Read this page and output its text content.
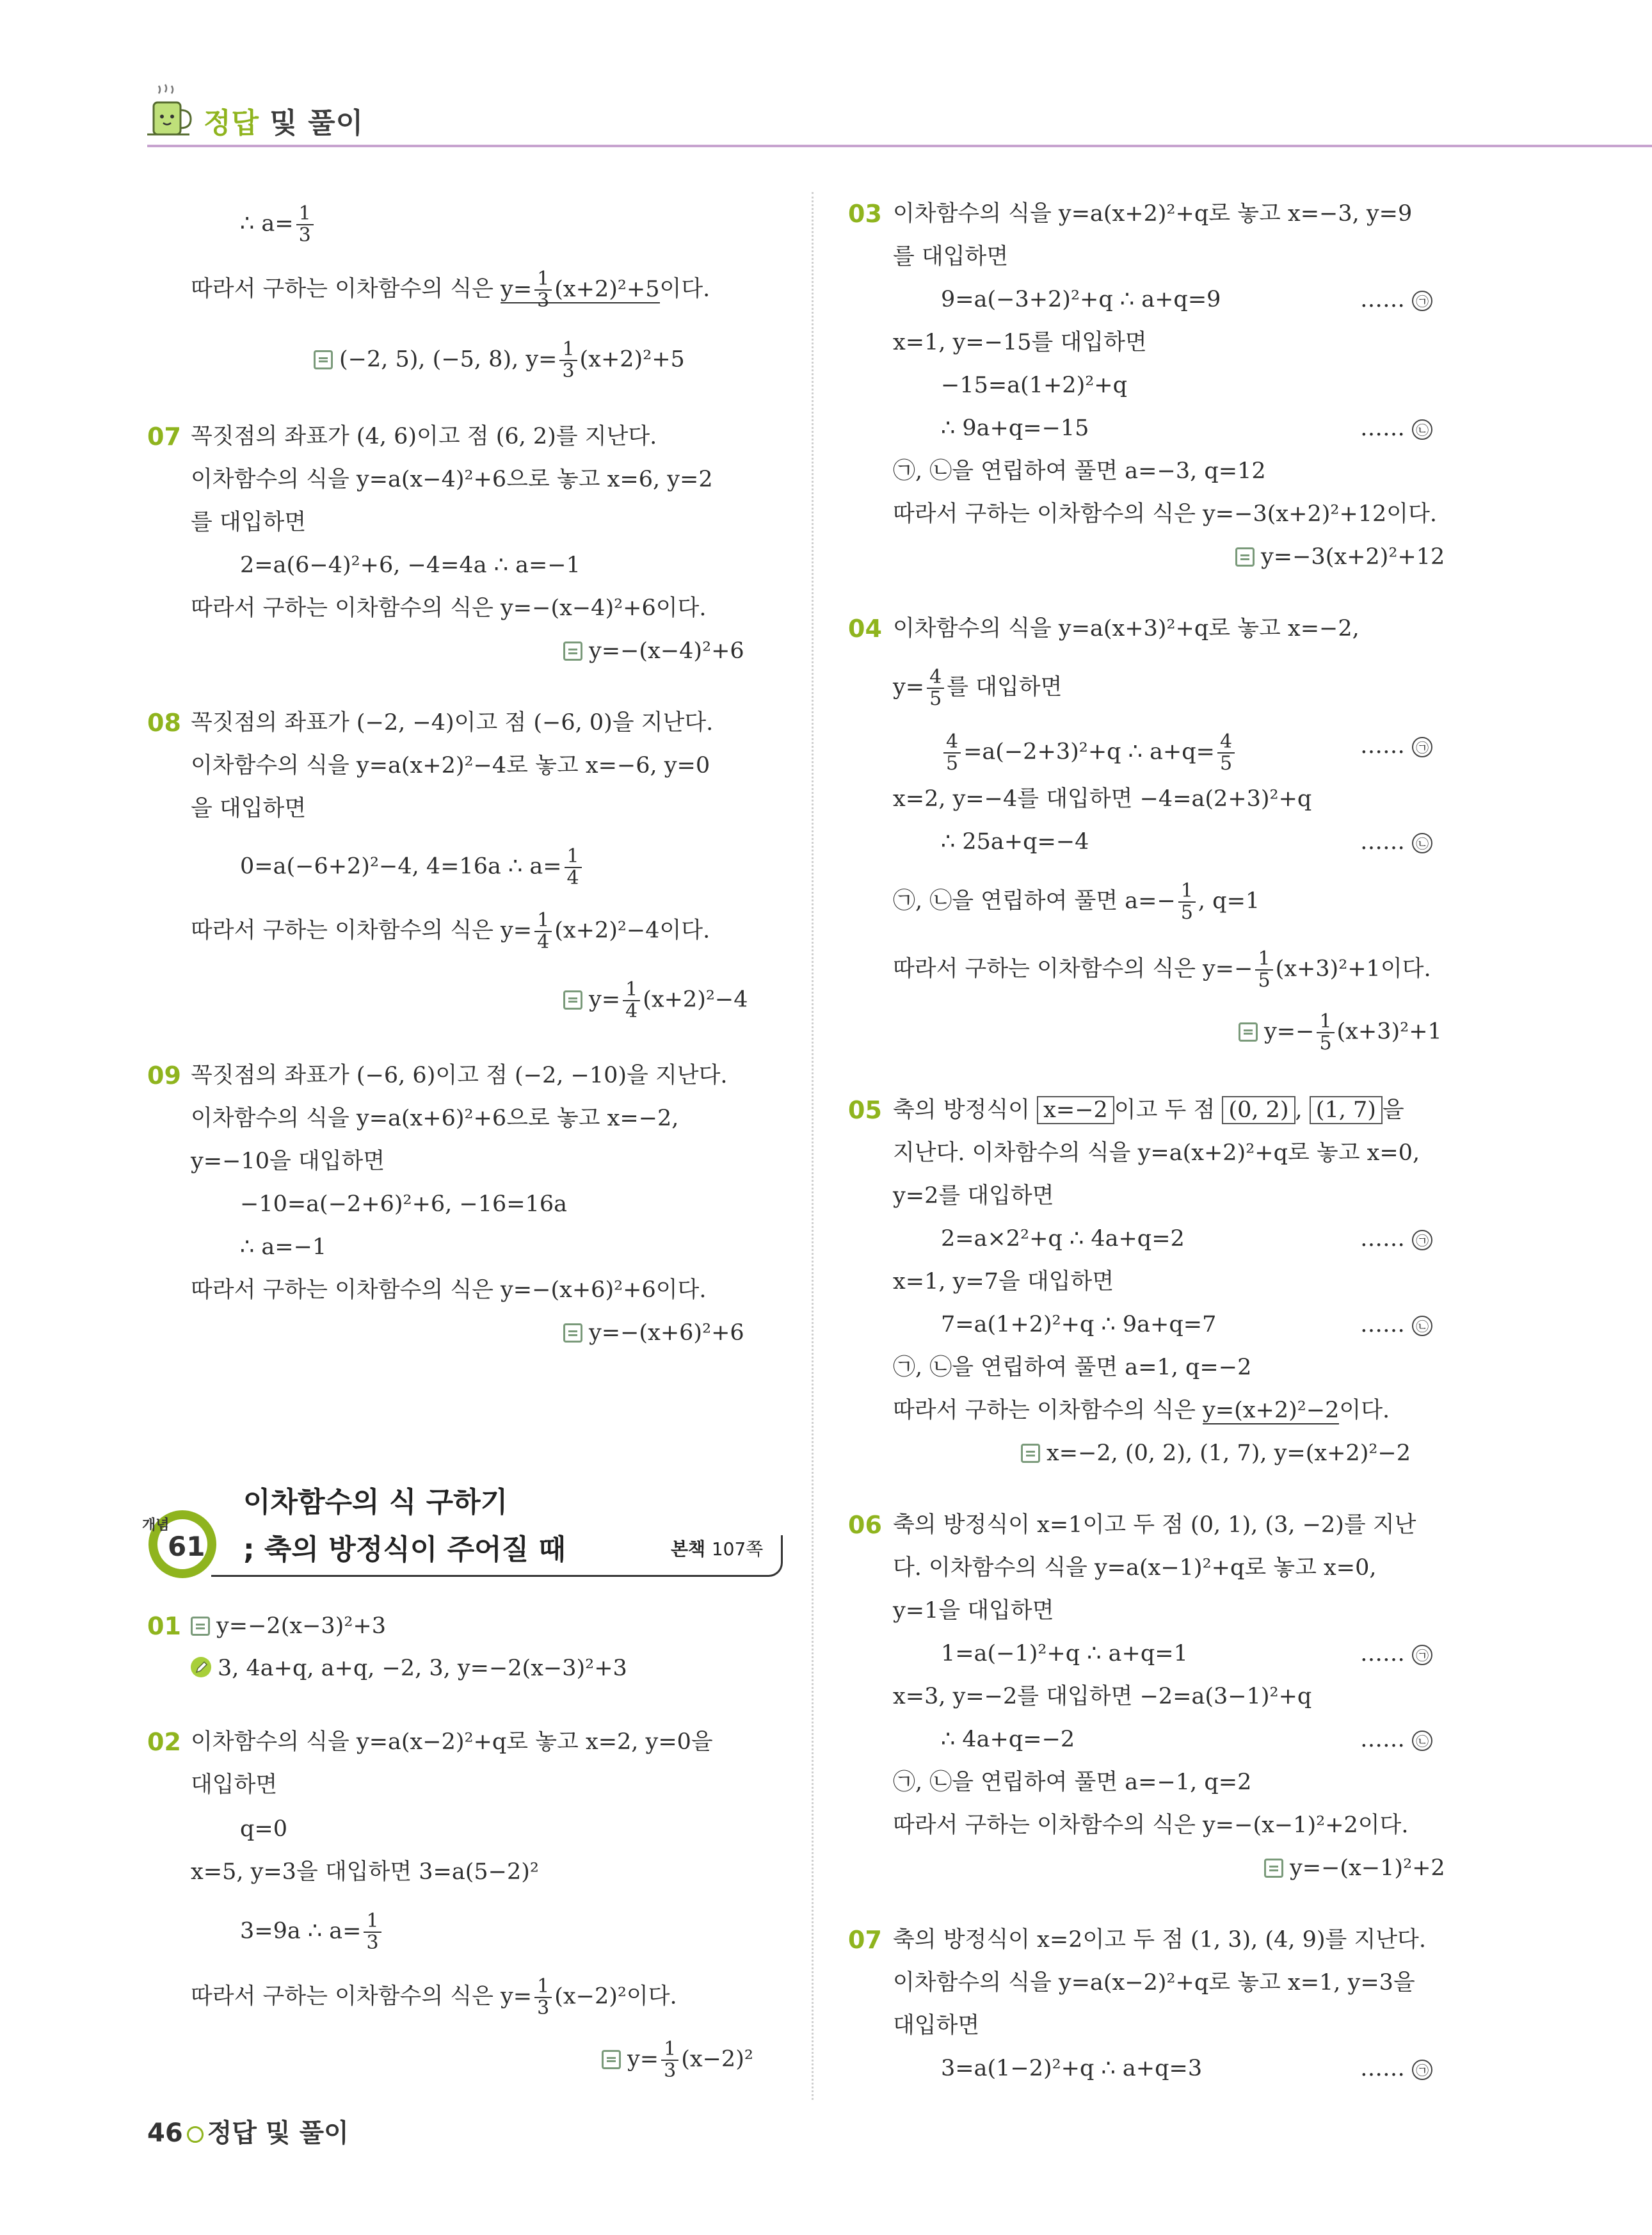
정답 및 풀이
∴ $a= \frac{1}{3}$
따라서 구하는 이차함수의 식은 $y= \frac{1}{3} (x+2)^2+5$이다.
(−2, 5), (−5, 8), $y= \frac{1}{3} (x+2)^2+5$
07 꼭짓점의 좌표가 (4, 6)이고 점 (6, 2)를 지난다.
이차함수의 식을 y=a(x−4)²+6으로 놓고 x=6, y=2
를 대입하면
2=a(6−4)²+6, −4=4a ∴ a=−1
따라서 구하는 이차함수의 식은 y=−(x−4)²+6이다.
y=−(x−4)²+6
08 꼭짓점의 좌표가 (−2, −4)이고 점 (−6, 0)을 지난다.
이차함수의 식을 y=a(x+2)²−4로 놓고 x=−6, y=0
을 대입하면
0=a(−6+2)²−4, 4=16a ∴ $a= \frac{1}{4}$
따라서 구하는 이차함수의 식은 $y= \frac{1}{4} (x+2)^2-4$이다.
$y= \frac{1}{4} (x+2)^2-4$
09 꼭짓점의 좌표가 (−6, 6)이고 점 (−2, −10)을 지난다.
이차함수의 식을 y=a(x+6)²+6으로 놓고 x=−2,
y=−10을 대입하면
−10=a(−2+6)²+6, −16=16a
∴ a=−1
따라서 구하는 이차함수의 식은 y=−(x+6)²+6이다.
y=−(x+6)²+6
개념
61
이차함수의 식 구하기
; 축의 방정식이 주어질 때	본책 107쪽
01	y=−2(x−3)²+3
3, 4a+q, a+q, −2, 3, y=−2(x−3)²+3
02 이차함수의 식을 y=a(x−2)²+q로 놓고 x=2, y=0을
대입하면
q=0
x=5, y=3을 대입하면 3=a(5−2)²
3=9a ∴ $a= \frac{1}{3}$
따라서 구하는 이차함수의 식은 $y= \frac{1}{3} (x-2)^2$이다.
$y= \frac{1}{3} (x-2)^2$
03 이차함수의 식을 y=a(x+2)²+q로 놓고 x=−3, y=9
를 대입하면
9=a(−3+2)²+q ∴ a+q=9	…… ㉠
x=1, y=−15를 대입하면
−15=a(1+2)²+q
∴ 9a+q=−15	…… ㉡
㉠, ㉡을 연립하여 풀면 a=−3, q=12
따라서 구하는 이차함수의 식은 y=−3(x+2)²+12이다.
y=−3(x+2)²+12
04 이차함수의 식을 y=a(x+3)²+q로 놓고 x=−2,
$y= \frac{4}{5}$ 를 대입하면
$\frac{4}{5} =a(-2+3)^2+q$ ∴ $a+q= \frac{4}{5}$	…… ㉠
x=2, y=−4를 대입하면 −4=a(2+3)²+q
∴ 25a+q=−4	…… ㉡
㉠, ㉡을 연립하여 풀면 $a=- \frac{1}{5}$ , q=1
따라서 구하는 이차함수의 식은 $y=- \frac{1}{5} (x+3)^2+1$이다.
$y=- \frac{1}{5} (x+3)^2+1$
05 축의 방정식이 x=−2 이고 두 점 (0, 2) , (1, 7) 을
지난다. 이차함수의 식을 y=a(x+2)²+q로 놓고 x=0,
y=2를 대입하면
2=a×2²+q ∴ 4a+q=2	…… ㉠
x=1, y=7을 대입하면
7=a(1+2)²+q ∴ 9a+q=7	…… ㉡
㉠, ㉡을 연립하여 풀면 a=1, q=−2
따라서 구하는 이차함수의 식은 y=(x+2)²−2이다.
x=−2, (0, 2), (1, 7), y=(x+2)²−2
06 축의 방정식이 x=1이고 두 점 (0, 1), (3, −2)를 지난
다. 이차함수의 식을 y=a(x−1)²+q로 놓고 x=0,
y=1을 대입하면
1=a(−1)²+q ∴ a+q=1	…… ㉠
x=3, y=−2를 대입하면 −2=a(3−1)²+q
∴ 4a+q=−2	…… ㉡
㉠, ㉡을 연립하여 풀면 a=−1, q=2
따라서 구하는 이차함수의 식은 y=−(x−1)²+2이다.
y=−(x−1)²+2
07 축의 방정식이 x=2이고 두 점 (1, 3), (4, 9)를 지난다.
이차함수의 식을 y=a(x−2)²+q로 놓고 x=1, y=3을
대입하면
3=a(1−2)²+q ∴ a+q=3	…… ㉠
46 정답 및 풀이
